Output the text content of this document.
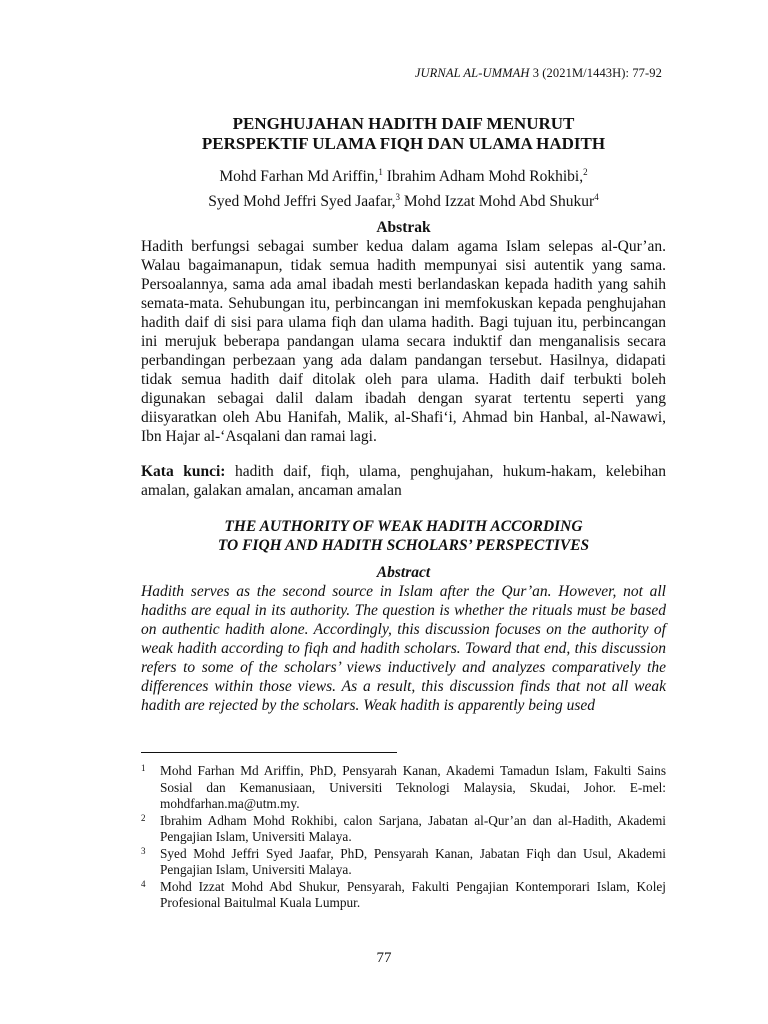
JURNAL AL-UMMAH 3 (2021M/1443H): 77-92
PENGHUJAHAN HADITH DAIF MENURUT
PERSPEKTIF ULAMA FIQH DAN ULAMA HADITH
Mohd Farhan Md Ariffin,$^1$ Ibrahim Adham Mohd Rokhibi,$^2$
Syed Mohd Jeffri Syed Jaafar,$^3$ Mohd Izzat Mohd Abd Shukur$^4$
Abstrak
Hadith berfungsi sebagai sumber kedua dalam agama Islam selepas al-Qur’an. Walau bagaimanapun, tidak semua hadith mempunyai sisi autentik yang sama. Persoalannya, sama ada amal ibadah mesti berlandaskan kepada hadith yang sahih semata-mata. Sehubungan itu, perbincangan ini memfokuskan kepada penghujahan hadith daif di sisi para ulama fiqh dan ulama hadith. Bagi tujuan itu, perbincangan ini merujuk beberapa pandangan ulama secara induktif dan menganalisis secara perbandingan perbezaan yang ada dalam pandangan tersebut. Hasilnya, didapati tidak semua hadith daif ditolak oleh para ulama. Hadith daif terbukti boleh digunakan sebagai dalil dalam ibadah dengan syarat tertentu seperti yang diisyaratkan oleh Abu Hanifah, Malik, al-Shafi‘i, Ahmad bin Hanbal, al-Nawawi, Ibn Hajar al-‘Asqalani dan ramai lagi.
Kata kunci: hadith daif, fiqh, ulama, penghujahan, hukum-hakam, kelebihan amalan, galakan amalan, ancaman amalan
THE AUTHORITY OF WEAK HADITH ACCORDING
TO FIQH AND HADITH SCHOLARS’ PERSPECTIVES
Abstract
Hadith serves as the second source in Islam after the Qur’an. However, not all hadiths are equal in its authority. The question is whether the rituals must be based on authentic hadith alone. Accordingly, this discussion focuses on the authority of weak hadith according to fiqh and hadith scholars. Toward that end, this discussion refers to some of the scholars’ views inductively and analyzes comparatively the differences within those views. As a result, this discussion finds that not all weak hadith are rejected by the scholars. Weak hadith is apparently being used
1 Mohd Farhan Md Ariffin, PhD, Pensyarah Kanan, Akademi Tamadun Islam, Fakulti Sains Sosial dan Kemanusiaan, Universiti Teknologi Malaysia, Skudai, Johor. E-mel: mohdfarhan.ma@utm.my.
2 Ibrahim Adham Mohd Rokhibi, calon Sarjana, Jabatan al-Qur’an dan al-Hadith, Akademi Pengajian Islam, Universiti Malaya.
3 Syed Mohd Jeffri Syed Jaafar, PhD, Pensyarah Kanan, Jabatan Fiqh dan Usul, Akademi Pengajian Islam, Universiti Malaya.
4 Mohd Izzat Mohd Abd Shukur, Pensyarah, Fakulti Pengajian Kontemporari Islam, Kolej Profesional Baitulmal Kuala Lumpur.
77
